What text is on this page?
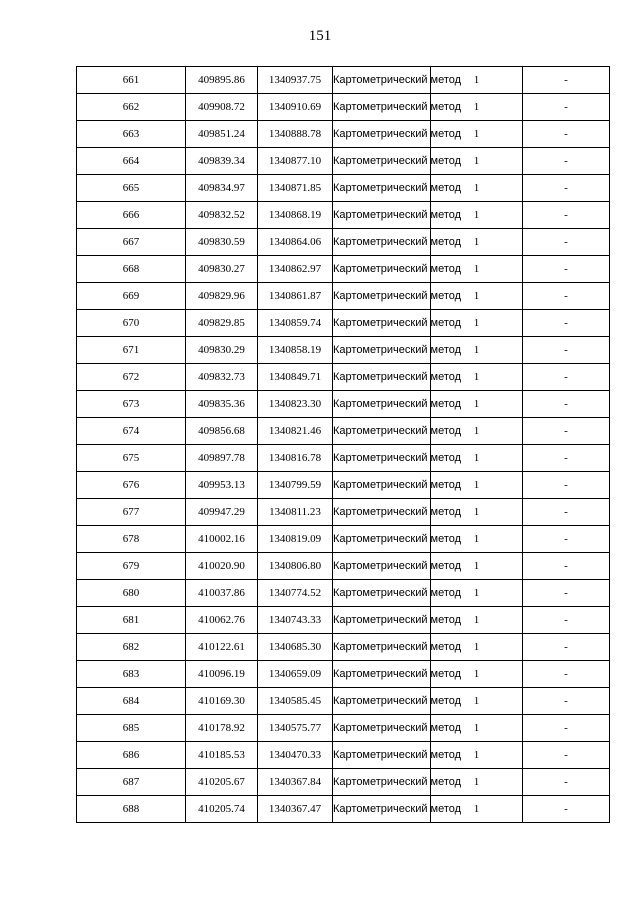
151
661	409895.86	1340937.75	Картометрический метод	1	-
662	409908.72	1340910.69	Картометрический метод	1	-
663	409851.24	1340888.78	Картометрический метод	1	-
664	409839.34	1340877.10	Картометрический метод	1	-
665	409834.97	1340871.85	Картометрический метод	1	-
666	409832.52	1340868.19	Картометрический метод	1	-
667	409830.59	1340864.06	Картометрический метод	1	-
668	409830.27	1340862.97	Картометрический метод	1	-
669	409829.96	1340861.87	Картометрический метод	1	-
670	409829.85	1340859.74	Картометрический метод	1	-
671	409830.29	1340858.19	Картометрический метод	1	-
672	409832.73	1340849.71	Картометрический метод	1	-
673	409835.36	1340823.30	Картометрический метод	1	-
674	409856.68	1340821.46	Картометрический метод	1	-
675	409897.78	1340816.78	Картометрический метод	1	-
676	409953.13	1340799.59	Картометрический метод	1	-
677	409947.29	1340811.23	Картометрический метод	1	-
678	410002.16	1340819.09	Картометрический метод	1	-
679	410020.90	1340806.80	Картометрический метод	1	-
680	410037.86	1340774.52	Картометрический метод	1	-
681	410062.76	1340743.33	Картометрический метод	1	-
682	410122.61	1340685.30	Картометрический метод	1	-
683	410096.19	1340659.09	Картометрический метод	1	-
684	410169.30	1340585.45	Картометрический метод	1	-
685	410178.92	1340575.77	Картометрический метод	1	-
686	410185.53	1340470.33	Картометрический метод	1	-
687	410205.67	1340367.84	Картометрический метод	1	-
688	410205.74	1340367.47	Картометрический метод	1	-
